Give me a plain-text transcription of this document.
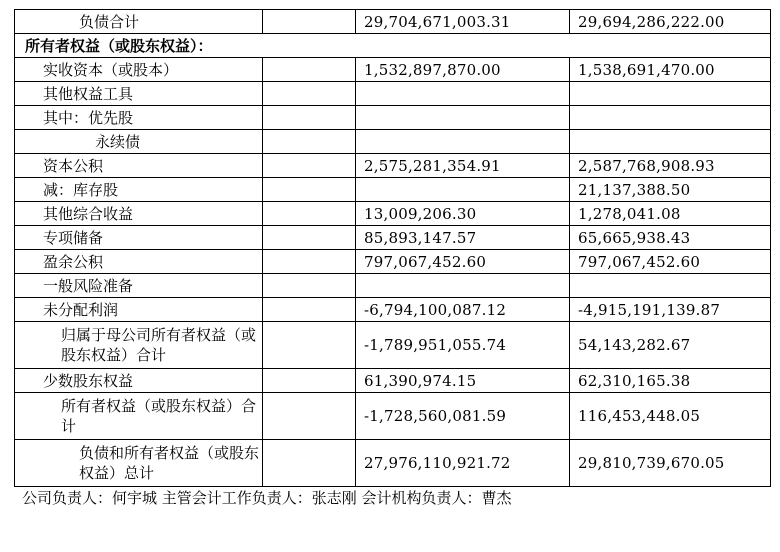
负债合计		29,704,671,003.31	29,694,286,222.00
所有者权益（或股东权益）：			
实收资本（或股本）		1,532,897,870.00	1,538,691,470.00
其他权益工具			
其中：优先股			
永续债			
资本公积		2,575,281,354.91	2,587,768,908.93
减：库存股			21,137,388.50
其他综合收益		13,009,206.30	1,278,041.08
专项储备		85,893,147.57	65,665,938.43
盈余公积		797,067,452.60	797,067,452.60
一般风险准备			
未分配利润		-6,794,100,087.12	-4,915,191,139.87
归属于母公司所有者权益（或股东权益）合计		-1,789,951,055.74	54,143,282.67
少数股东权益		61,390,974.15	62,310,165.38
所有者权益（或股东权益）合计		-1,728,560,081.59	116,453,448.05
负债和所有者权益（或股东权益）总计		27,976,110,921.72	29,810,739,670.05
公司负责人：何宇城 主管会计工作负责人：张志刚 会计机构负责人：曹杰
